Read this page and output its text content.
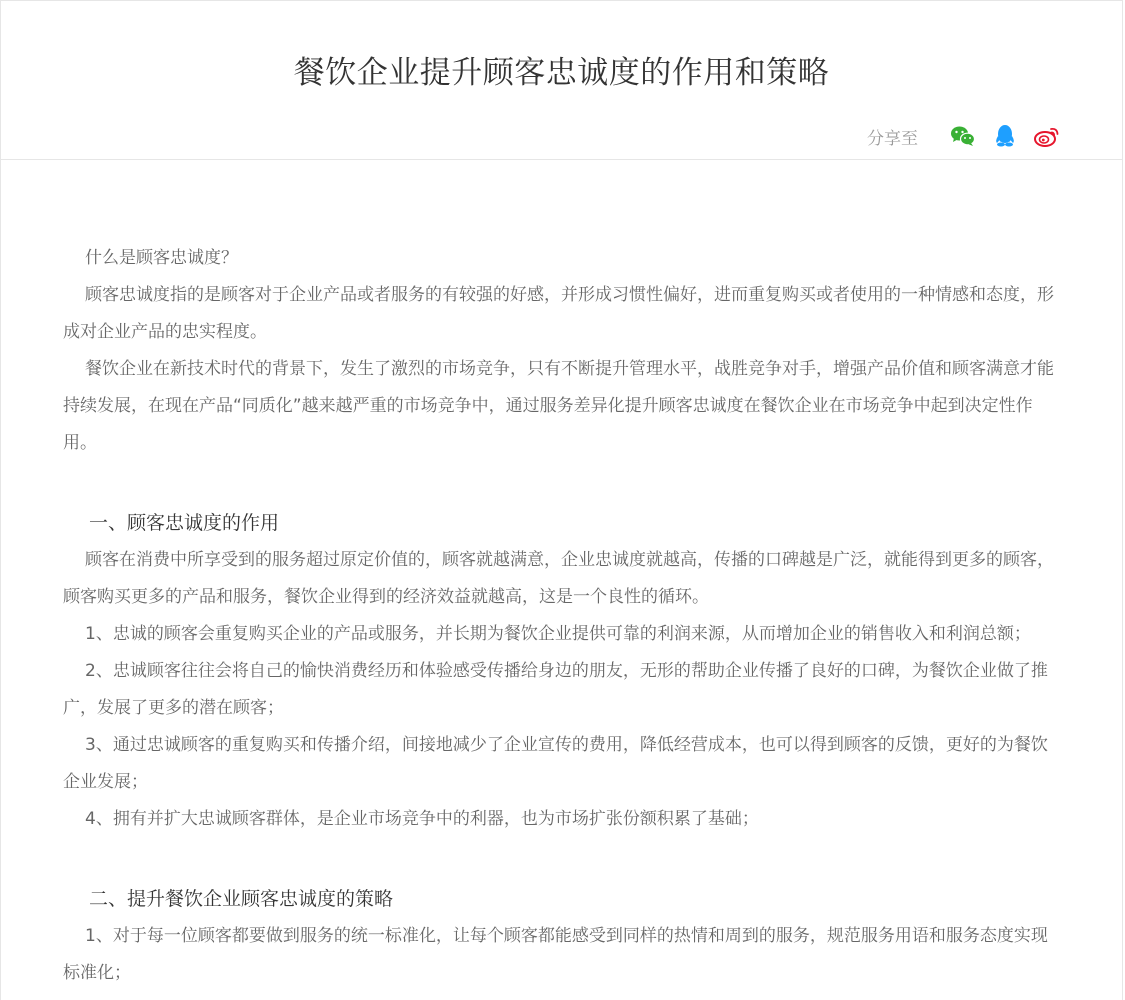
餐饮企业提升顾客忠诚度的作用和策略
分享至

什么是顾客忠诚度？

顾客忠诚度指的是顾客对于企业产品或者服务的有较强的好感，并形成习惯性偏好，进而重复购买或者使用的一种情感和态度，形成对企业产品的忠实程度。

餐饮企业在新技术时代的背景下，发生了激烈的市场竞争，只有不断提升管理水平，战胜竞争对手，增强产品价值和顾客满意才能持续发展，在现在产品“同质化”越来越严重的市场竞争中，通过服务差异化提升顾客忠诚度在餐饮企业在市场竞争中起到决定性作用。

一、顾客忠诚度的作用

顾客在消费中所享受到的服务超过原定价值的，顾客就越满意，企业忠诚度就越高，传播的口碑越是广泛，就能得到更多的顾客，顾客购买更多的产品和服务，餐饮企业得到的经济效益就越高，这是一个良性的循环。

1、忠诚的顾客会重复购买企业的产品或服务，并长期为餐饮企业提供可靠的利润来源，从而增加企业的销售收入和利润总额；

2、忠诚顾客往往会将自己的愉快消费经历和体验感受传播给身边的朋友，无形的帮助企业传播了良好的口碑，为餐饮企业做了推广，发展了更多的潜在顾客；

3、通过忠诚顾客的重复购买和传播介绍，间接地减少了企业宣传的费用，降低经营成本，也可以得到顾客的反馈，更好的为餐饮企业发展；

4、拥有并扩大忠诚顾客群体，是企业市场竞争中的利器，也为市场扩张份额积累了基础；

二、提升餐饮企业顾客忠诚度的策略

1、对于每一位顾客都要做到服务的统一标准化，让每个顾客都能感受到同样的热情和周到的服务，规范服务用语和服务态度实现标准化；
